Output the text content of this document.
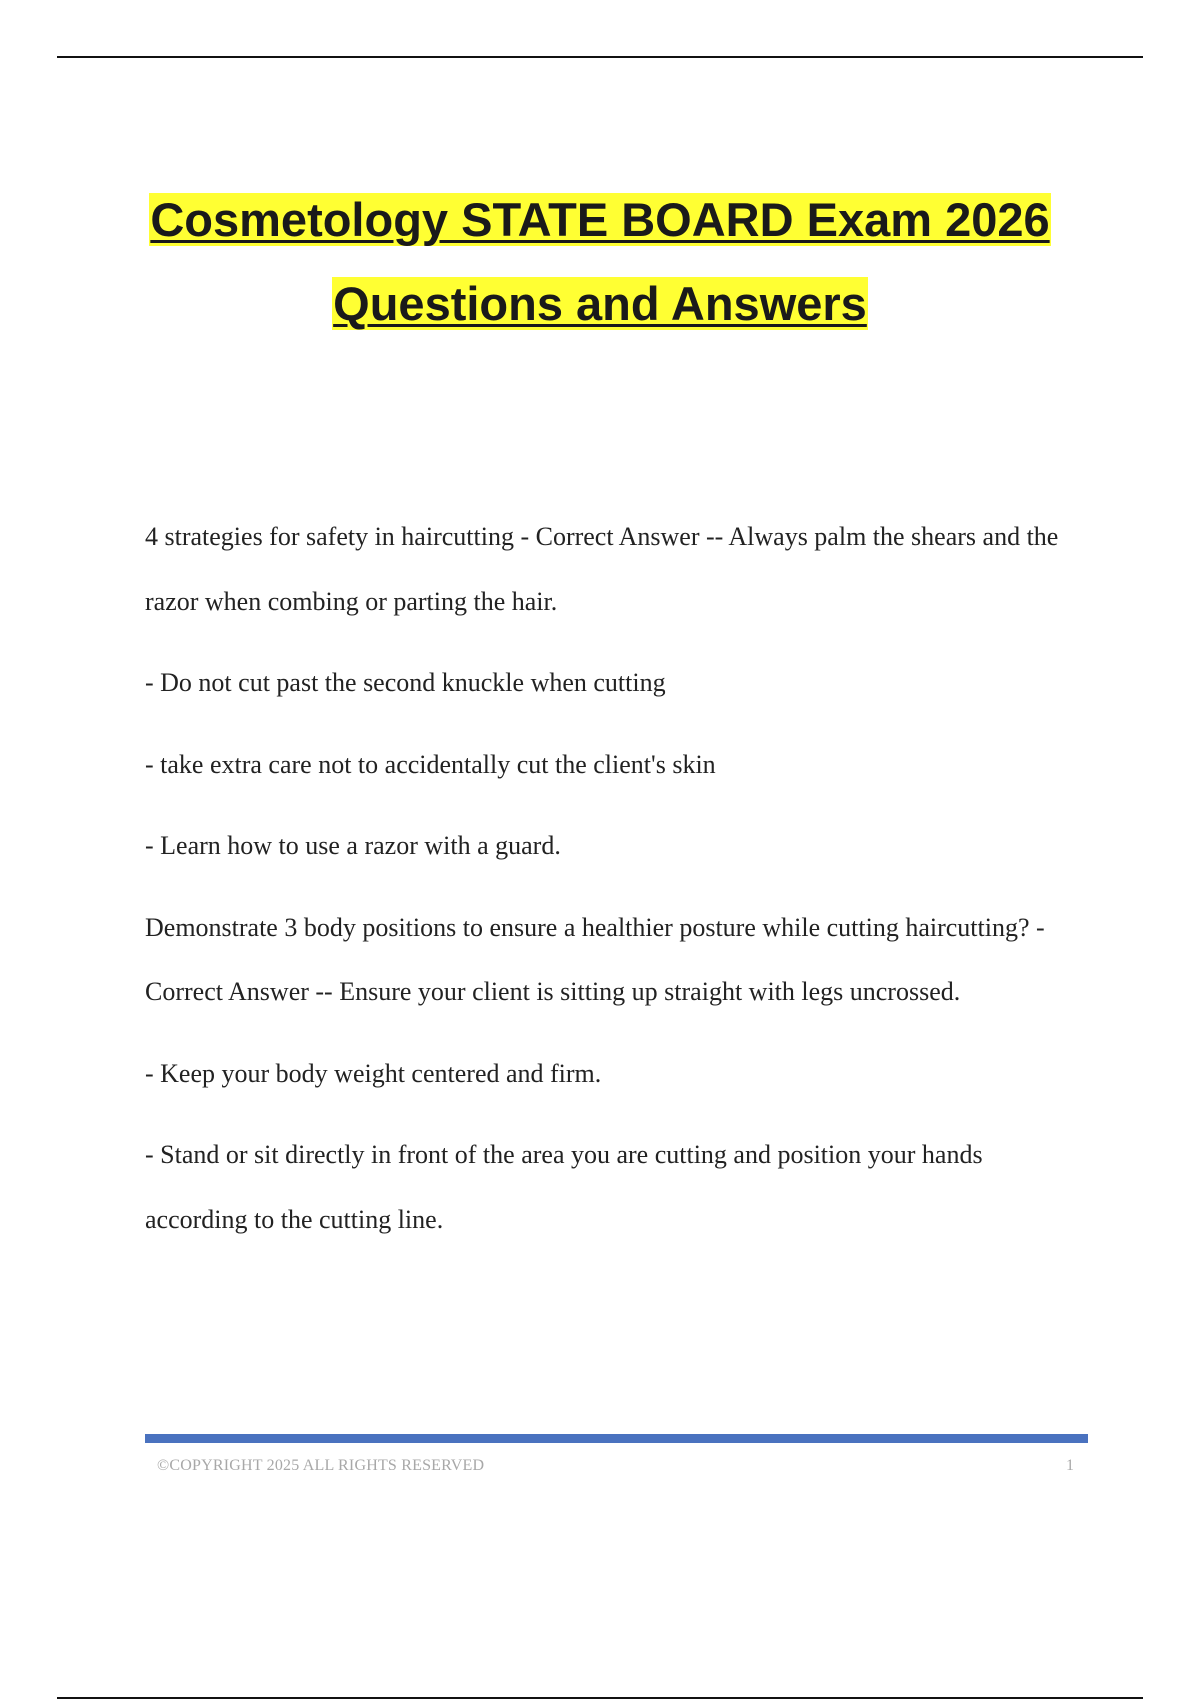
Cosmetology STATE BOARD Exam 2026
Questions and Answers

4 strategies for safety in haircutting - Correct Answer -- Always palm the shears and the razor when combing or parting the hair.

- Do not cut past the second knuckle when cutting

- take extra care not to accidentally cut the client's skin

- Learn how to use a razor with a guard.

Demonstrate 3 body positions to ensure a healthier posture while cutting haircutting? - Correct Answer -- Ensure your client is sitting up straight with legs uncrossed.

- Keep your body weight centered and firm.

- Stand or sit directly in front of the area you are cutting and position your hands according to the cutting line.

©COPYRIGHT 2025 ALL RIGHTS RESERVED	1
